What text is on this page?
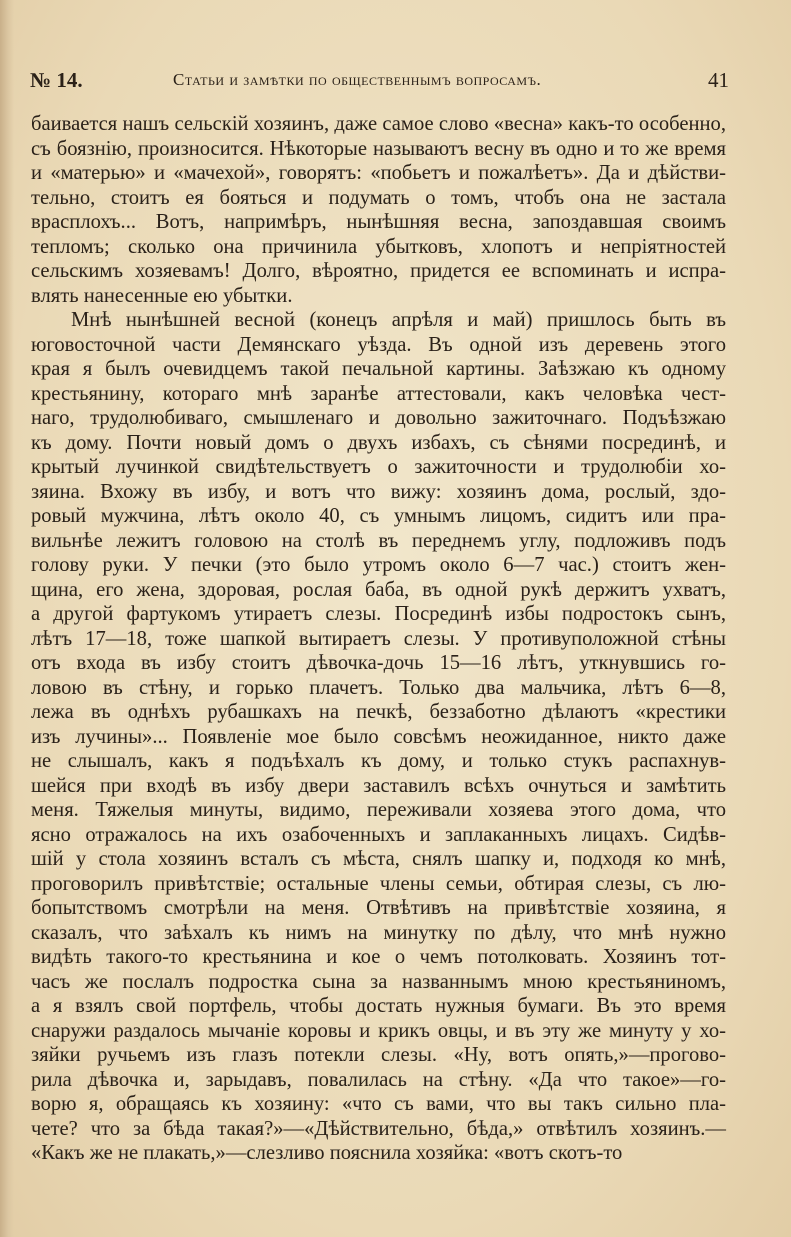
№ 14.	Статьи и замѣтки по общественнымъ вопросамъ.	41
баивается нашъ сельскій хозяинъ, даже самое слово «весна» какъ-то особенно,
съ боязнію, произносится. Нѣкоторые называютъ весну въ одно и то же время
и «матерью» и «мачехой», говорятъ: «побьетъ и пожалѣетъ». Да и дѣйстви-
тельно, стоитъ ея бояться и подумать о томъ, чтобъ она не застала
врасплохъ... Вотъ, напримѣръ, нынѣшняя весна, запоздавшая своимъ
тепломъ; сколько она причинила убытковъ, хлопотъ и непріятностей
сельскимъ хозяевамъ! Долго, вѣроятно, придется ее вспоминать и испра-
влять нанесенные ею убытки.
Мнѣ нынѣшней весной (конецъ апрѣля и май) пришлось быть въ
юговосточной части Демянскаго уѣзда. Въ одной изъ деревень этого
края я былъ очевидцемъ такой печальной картины. Заѣзжаю къ одному
крестьянину, котораго мнѣ заранѣе аттестовали, какъ человѣка чест-
наго, трудолюбиваго, смышленаго и довольно зажиточнаго. Подъѣзжаю
къ дому. Почти новый домъ о двухъ избахъ, съ сѣнями посрединѣ, и
крытый лучинкой свидѣтельствуетъ о зажиточности и трудолюбіи хо-
зяина. Вхожу въ избу, и вотъ что вижу: хозяинъ дома, рослый, здо-
ровый мужчина, лѣтъ около 40, съ умнымъ лицомъ, сидитъ или пра-
вильнѣе лежитъ головою на столѣ въ переднемъ углу, подложивъ подъ
голову руки. У печки (это было утромъ около 6—7 час.) стоитъ жен-
щина, его жена, здоровая, рослая баба, въ одной рукѣ держитъ ухватъ,
а другой фартукомъ утираетъ слезы. Посрединѣ избы подростокъ сынъ,
лѣтъ 17—18, тоже шапкой вытираетъ слезы. У противуположной стѣны
отъ входа въ избу стоитъ дѣвочка-дочь 15—16 лѣтъ, уткнувшись го-
ловою въ стѣну, и горько плачетъ. Только два мальчика, лѣтъ 6—8,
лежа въ однѣхъ рубашкахъ на печкѣ, беззаботно дѣлаютъ «крестики
изъ лучины»... Появленіе мое было совсѣмъ неожиданное, никто даже
не слышалъ, какъ я подъѣхалъ къ дому, и только стукъ распахнув-
шейся при входѣ въ избу двери заставилъ всѣхъ очнуться и замѣтить
меня. Тяжелыя минуты, видимо, переживали хозяева этого дома, что
ясно отражалось на ихъ озабоченныхъ и заплаканныхъ лицахъ. Сидѣв-
шій у стола хозяинъ всталъ съ мѣста, снялъ шапку и, подходя ко мнѣ,
проговорилъ привѣтствіе; остальные члены семьи, обтирая слезы, съ лю-
бопытствомъ смотрѣли на меня. Отвѣтивъ на привѣтствіе хозяина, я
сказалъ, что заѣхалъ къ нимъ на минутку по дѣлу, что мнѣ нужно
видѣть такого-то крестьянина и кое о чемъ потолковать. Хозяинъ тот-
часъ же послалъ подростка сына за названнымъ мною крестьяниномъ,
а я взялъ свой портфель, чтобы достать нужныя бумаги. Въ это время
снаружи раздалось мычаніе коровы и крикъ овцы, и въ эту же минуту у хо-
зяйки ручьемъ изъ глазъ потекли слезы. «Ну, вотъ опять,»—прогово-
рила дѣвочка и, зарыдавъ, повалилась на стѣну. «Да что такое»—го-
ворю я, обращаясь къ хозяину: «что съ вами, что вы такъ сильно пла-
чете? что за бѣда такая?»—«Дѣйствительно, бѣда,» отвѣтилъ хозяинъ.—
«Какъ же не плакать,»—слезливо пояснила хозяйка: «вотъ скотъ-то
